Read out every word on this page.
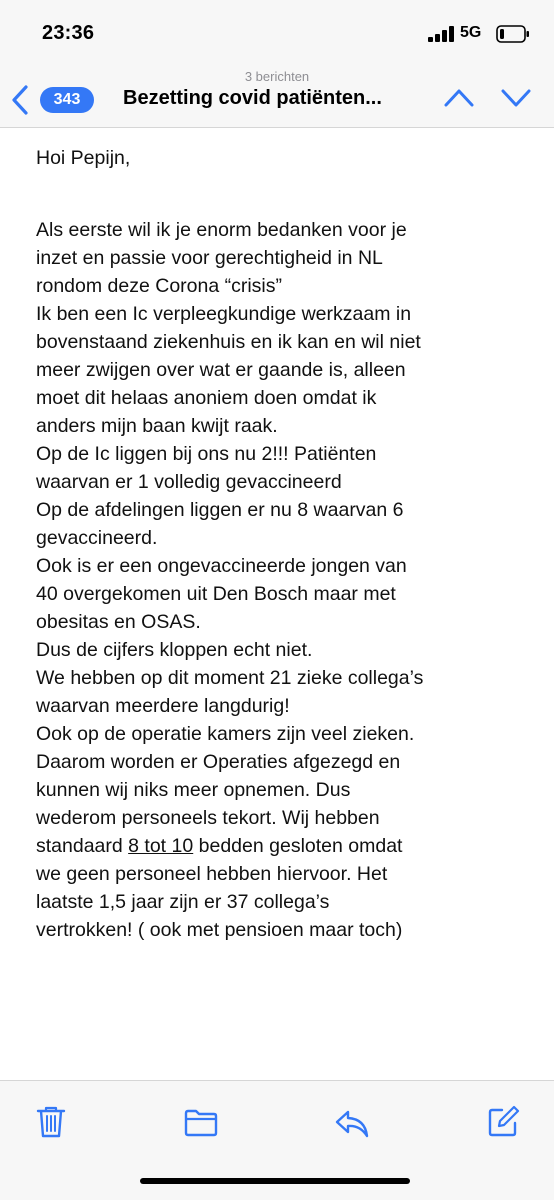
23:36	5G
3 berichten
343	Bezetting covid patiënten...

Hoi Pepijn,

Als eerste wil ik je enorm bedanken voor je

inzet en passie voor gerechtigheid in NL

rondom deze Corona “crisis”

Ik ben een Ic verpleegkundige werkzaam in

bovenstaand ziekenhuis en ik kan en wil niet

meer zwijgen over wat er gaande is, alleen

moet dit helaas anoniem doen omdat ik

anders mijn baan kwijt raak.

Op de Ic liggen bij ons nu 2!!! Patiënten

waarvan er 1 volledig gevaccineerd

Op de afdelingen liggen er nu 8 waarvan 6

gevaccineerd.

Ook is er een ongevaccineerde jongen van

40 overgekomen uit Den Bosch maar met

obesitas en OSAS.

Dus de cijfers kloppen echt niet.

We hebben op dit moment 21 zieke collega’s

waarvan meerdere langdurig!

Ook op de operatie kamers zijn veel zieken.

Daarom worden er Operaties afgezegd en

kunnen wij niks meer opnemen. Dus

wederom personeels tekort. Wij hebben

standaard 8 tot 10 bedden gesloten omdat

we geen personeel hebben hiervoor. Het

laatste 1,5 jaar zijn er 37 collega’s

vertrokken! ( ook met pensioen maar toch)
